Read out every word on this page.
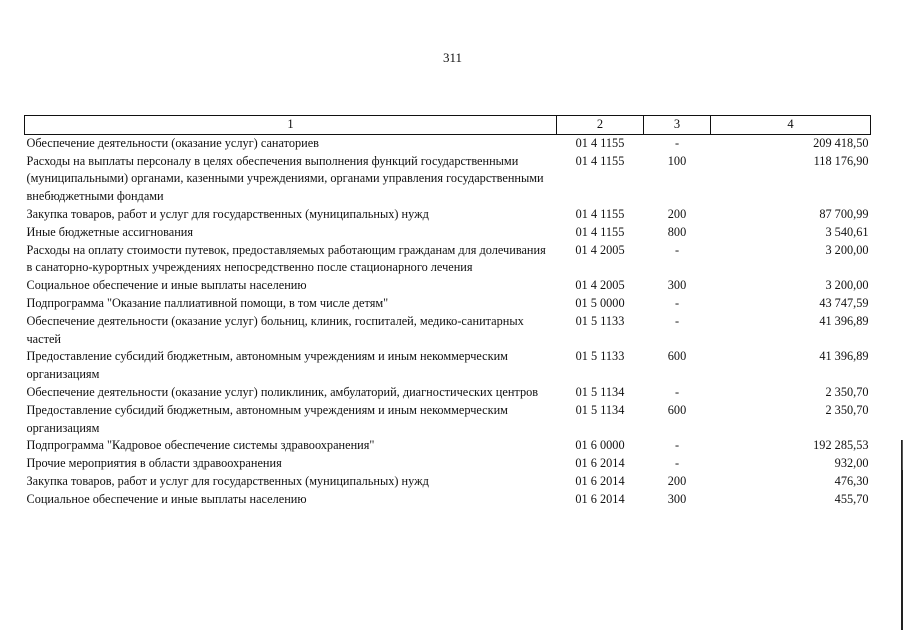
311
1	2	3	4
Обеспечение деятельности (оказание услуг) санаториев	01 4 1155	-	209 418,50
Расходы на выплаты персоналу в целях обеспечения выполнения функций государственными (муниципальными) органами, казенными учреждениями, органами управления государственными внебюджетными фондами	01 4 1155	100	118 176,90
Закупка товаров, работ и услуг для государственных (муниципальных) нужд	01 4 1155	200	87 700,99
Иные бюджетные ассигнования	01 4 1155	800	3 540,61
Расходы на оплату стоимости путевок, предоставляемых работающим гражданам для долечивания в санаторно-курортных учреждениях непосредственно после стационарного лечения	01 4 2005	-	3 200,00
Социальное обеспечение и иные выплаты населению	01 4 2005	300	3 200,00
Подпрограмма "Оказание паллиативной помощи, в том числе детям"	01 5 0000	-	43 747,59
Обеспечение деятельности (оказание услуг) больниц, клиник, госпиталей, медико-санитарных частей	01 5 1133	-	41 396,89
Предоставление субсидий бюджетным, автономным учреждениям и иным некоммерческим организациям	01 5 1133	600	41 396,89
Обеспечение деятельности (оказание услуг) поликлиник, амбулаторий, диагностических центров	01 5 1134	-	2 350,70
Предоставление субсидий бюджетным, автономным учреждениям и иным некоммерческим организациям	01 5 1134	600	2 350,70
Подпрограмма "Кадровое обеспечение системы здравоохранения"	01 6 0000	-	192 285,53
Прочие мероприятия в области здравоохранения	01 6 2014	-	932,00
Закупка товаров, работ и услуг для государственных (муниципальных) нужд	01 6 2014	200	476,30
Социальное обеспечение и иные выплаты населению	01 6 2014	300	455,70
